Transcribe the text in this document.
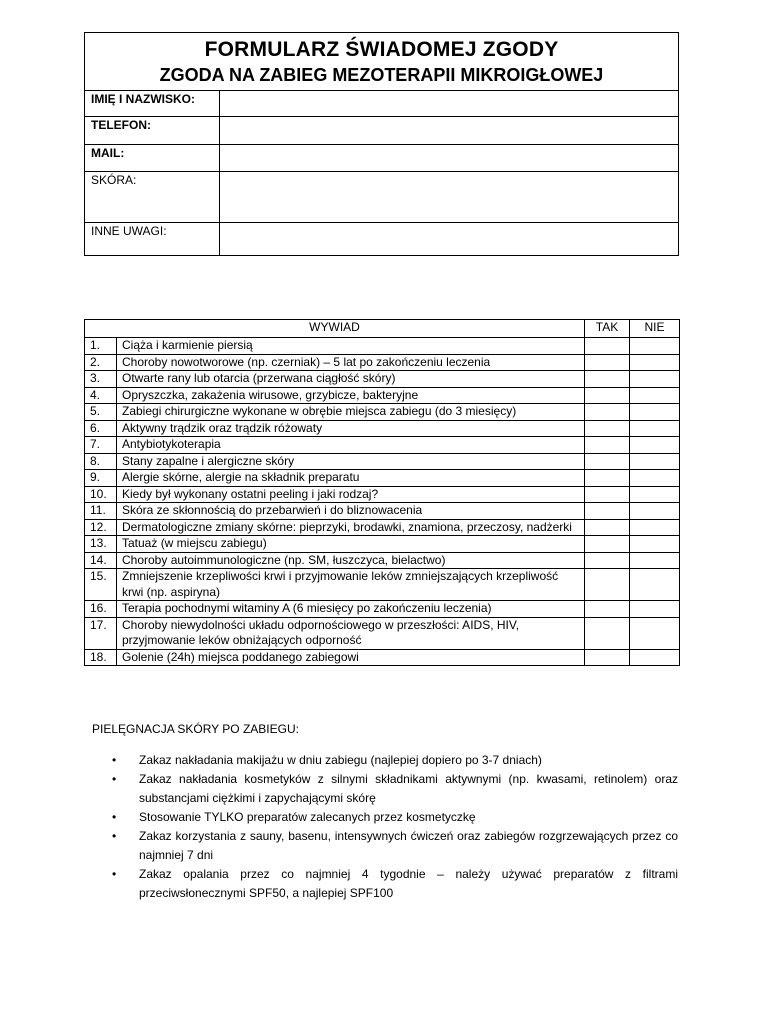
FORMULARZ ŚWIADOMEJ ZGODY
ZGODA NA ZABIEG MEZOTERAPII MIKROIGŁOWEJ	

IMIĘ I NAZWISKO:	
TELEFON:	
MAIL:	
SKÓRA:	
INNE UWAGI:	
WYWIAD		TAK	NIE
1.	Ciąża i karmienie piersią		
2.	Choroby nowotworowe (np. czerniak) – 5 lat po zakończeniu leczenia		
3.	Otwarte rany lub otarcia (przerwana ciągłość skóry)		
4.	Opryszczka, zakażenia wirusowe, grzybicze, bakteryjne		
5.	Zabiegi chirurgiczne wykonane w obrębie miejsca zabiegu (do 3 miesięcy)		
6.	Aktywny trądzik oraz trądzik różowaty		
7.	Antybiotykoterapia		
8.	Stany zapalne i alergiczne skóry		
9.	Alergie skórne, alergie na składnik preparatu		
10.	Kiedy był wykonany ostatni peeling i jaki rodzaj?		
11.	Skóra ze skłonnością do przebarwień i do bliznowacenia		
12.	Dermatologiczne zmiany skórne: pieprzyki, brodawki, znamiona, przeczosy, nadżerki		
13.	Tatuaż (w miejscu zabiegu)		
14.	Choroby autoimmunologiczne (np. SM, łuszczyca, bielactwo)		
15.	Zmniejszenie krzepliwości krwi i przyjmowanie leków zmniejszających krzepliwość krwi (np. aspiryna)		
16.	Terapia pochodnymi witaminy A (6 miesięcy po zakończeniu leczenia)		
17.	Choroby niewydolności układu odpornościowego w przeszłości: AIDS, HIV, przyjmowanie leków obniżających odporność		
18.	Golenie (24h) miejsca poddanego zabiegowi		
PIELĘGNACJA SKÓRY PO ZABIEGU:
• Zakaz nakładania makijażu w dniu zabiegu (najlepiej dopiero po 3-7 dniach)
• Zakaz nakładania kosmetyków z silnymi składnikami aktywnymi (np. kwasami, retinolem) oraz substancjami ciężkimi i zapychającymi skórę
• Stosowanie TYLKO preparatów zalecanych przez kosmetyczkę
• Zakaz korzystania z sauny, basenu, intensywnych ćwiczeń oraz zabiegów rozgrzewających przez co najmniej 7 dni
• Zakaz opalania przez co najmniej 4 tygodnie – należy używać preparatów z filtrami przeciwsłonecznymi SPF50, a najlepiej SPF100
